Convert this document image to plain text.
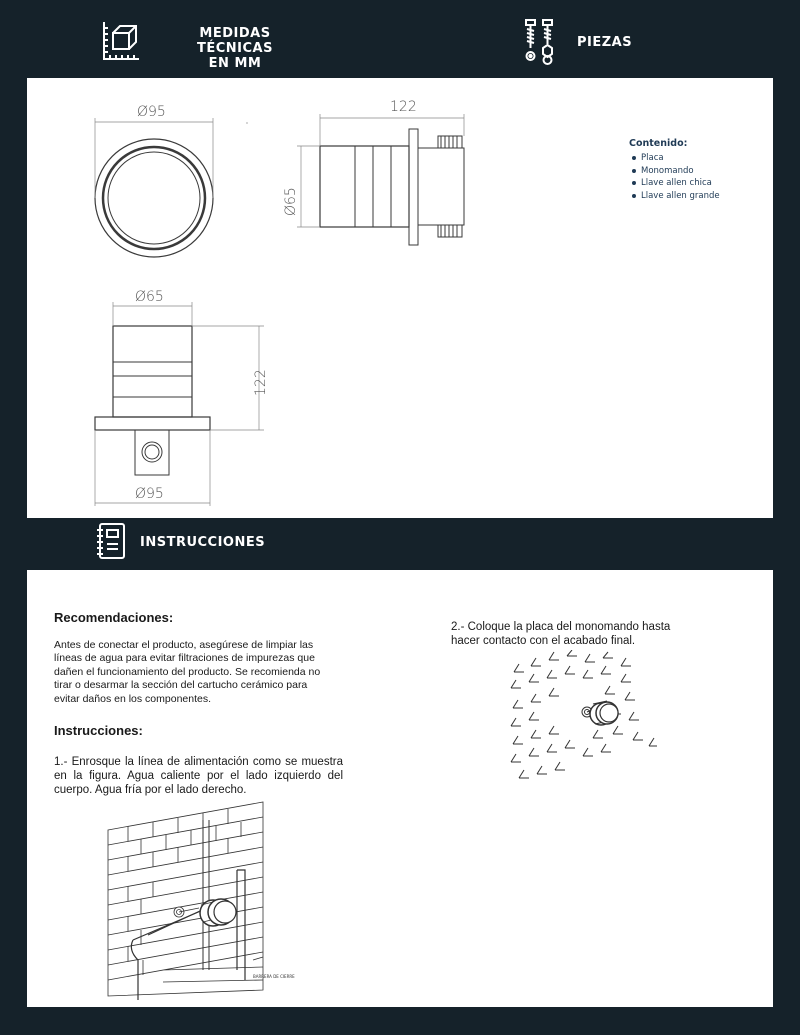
MEDIDAS TÉCNICAS
EN MM
PIEZAS
Ø95	122
Ø65
Ø65
122
Ø95
Contenido:
Placa
Monomando
Llave allen chica
Llave allen grande
INSTRUCCIONES
Recomendaciones:
Antes de conectar el producto, asegúrese de limpiar las líneas de agua para evitar filtraciones de impurezas que dañen el funcionamiento del producto. Se recomienda no tirar o desarmar la sección del cartucho cerámico para evitar daños en los componentes.
Instrucciones:
1.- Enrosque la línea de alimentación como se muestra en la figura. Agua caliente por el lado izquierdo del cuerpo. Agua fría por el lado derecho.
2.- Coloque la placa del monomando hasta hacer contacto con el acabado final.
BARRERA DE CIERRE
